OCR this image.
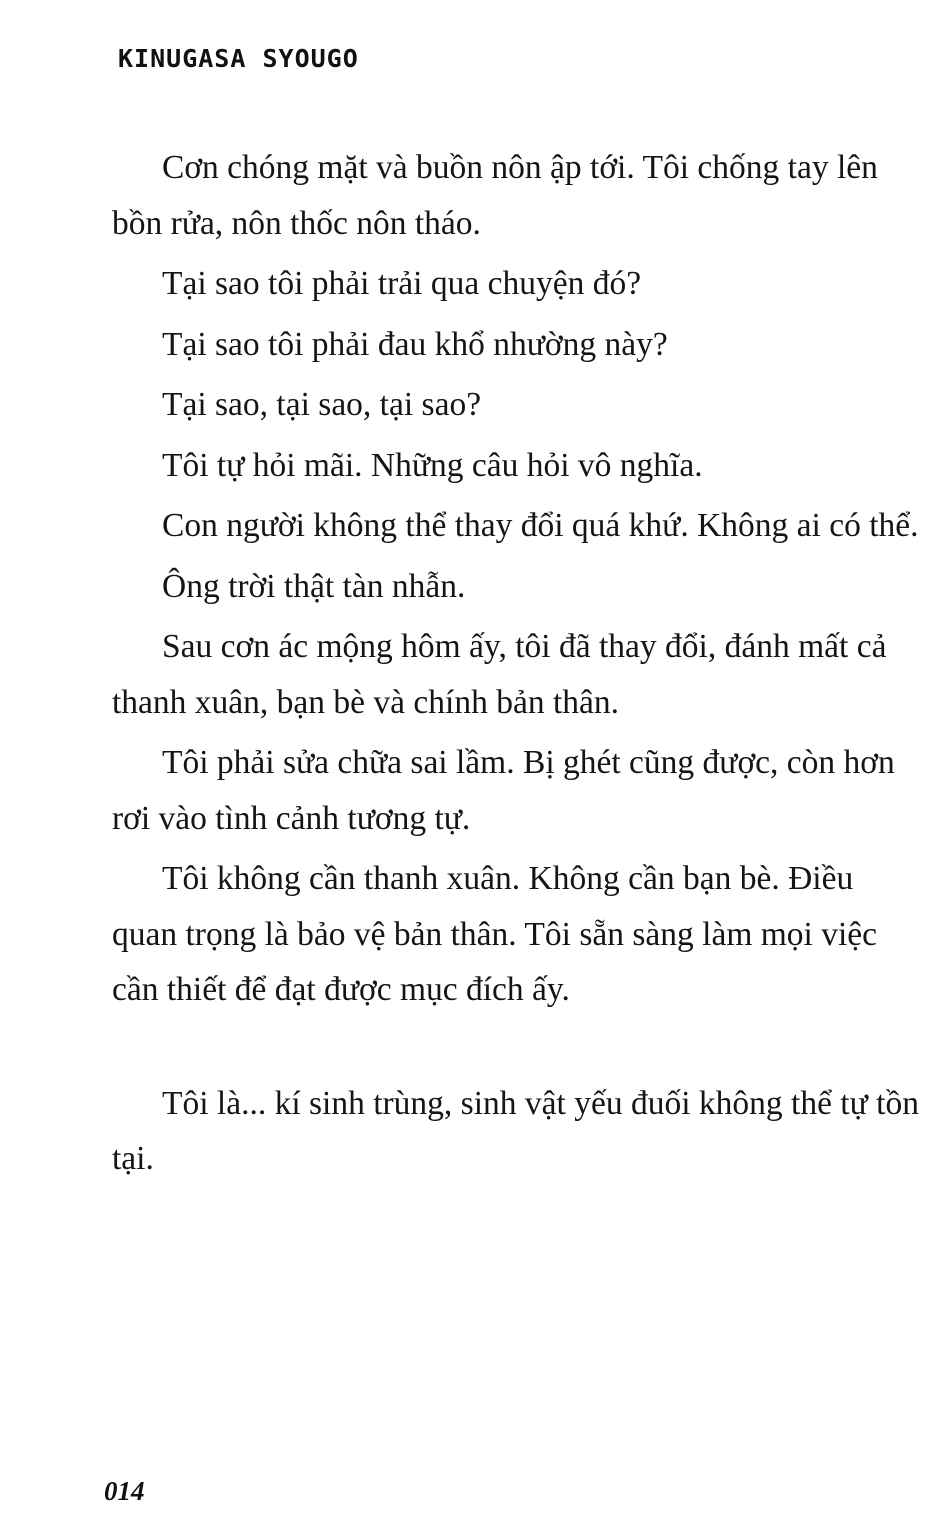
KINUGASA SYOUGO

Cơn chóng mặt và buồn nôn ập tới. Tôi chống tay lên bồn rửa, nôn thốc nôn tháo.

Tại sao tôi phải trải qua chuyện đó?

Tại sao tôi phải đau khổ nhường này?

Tại sao, tại sao, tại sao?

Tôi tự hỏi mãi. Những câu hỏi vô nghĩa.

Con người không thể thay đổi quá khứ. Không ai có thể.

Ông trời thật tàn nhẫn.

Sau cơn ác mộng hôm ấy, tôi đã thay đổi, đánh mất cả thanh xuân, bạn bè và chính bản thân.

Tôi phải sửa chữa sai lầm. Bị ghét cũng được, còn hơn rơi vào tình cảnh tương tự.

Tôi không cần thanh xuân. Không cần bạn bè. Điều quan trọng là bảo vệ bản thân. Tôi sẵn sàng làm mọi việc cần thiết để đạt được mục đích ấy.

Tôi là... kí sinh trùng, sinh vật yếu đuối không thể tự tồn tại.

014
